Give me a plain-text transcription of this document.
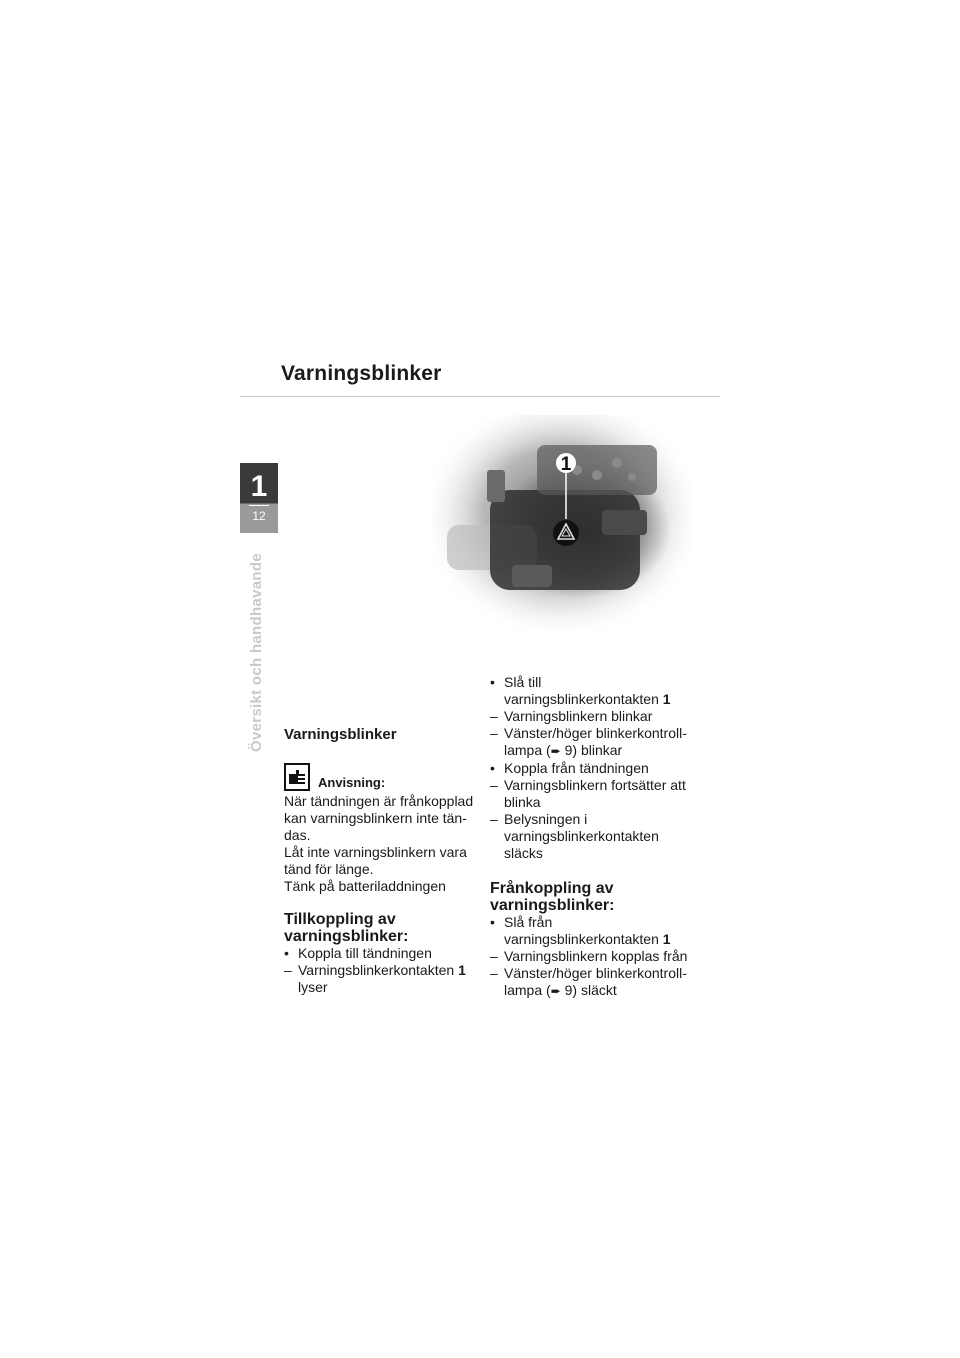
Varningsblinker
1
12
Översikt och handhavande
1
Varningsblinker
Anvisning:

När tändningen är frånkopplad

kan varningsblinkern inte tän-

das.

Låt inte varningsblinkern vara

tänd för länge.

Tänk på batteriladdningen

Tillkoppling av
varningsblinker:
• Koppla till tändningen
– Varningsblinkerkontakten 1
lyser
• Slå till
varningsblinkerkontakten 1
– Varningsblinkern blinkar
– Vänster/höger blinkerkontroll-
lampa (➨ 9) blinkar
• Koppla från tändningen
– Varningsblinkern fortsätter att
blinka
– Belysningen i
varningsblinkerkontakten
släcks
Frånkoppling av
varningsblinker:
• Slå från
varningsblinkerkontakten 1
– Varningsblinkern kopplas från
– Vänster/höger blinkerkontroll-
lampa (➨ 9) släckt
